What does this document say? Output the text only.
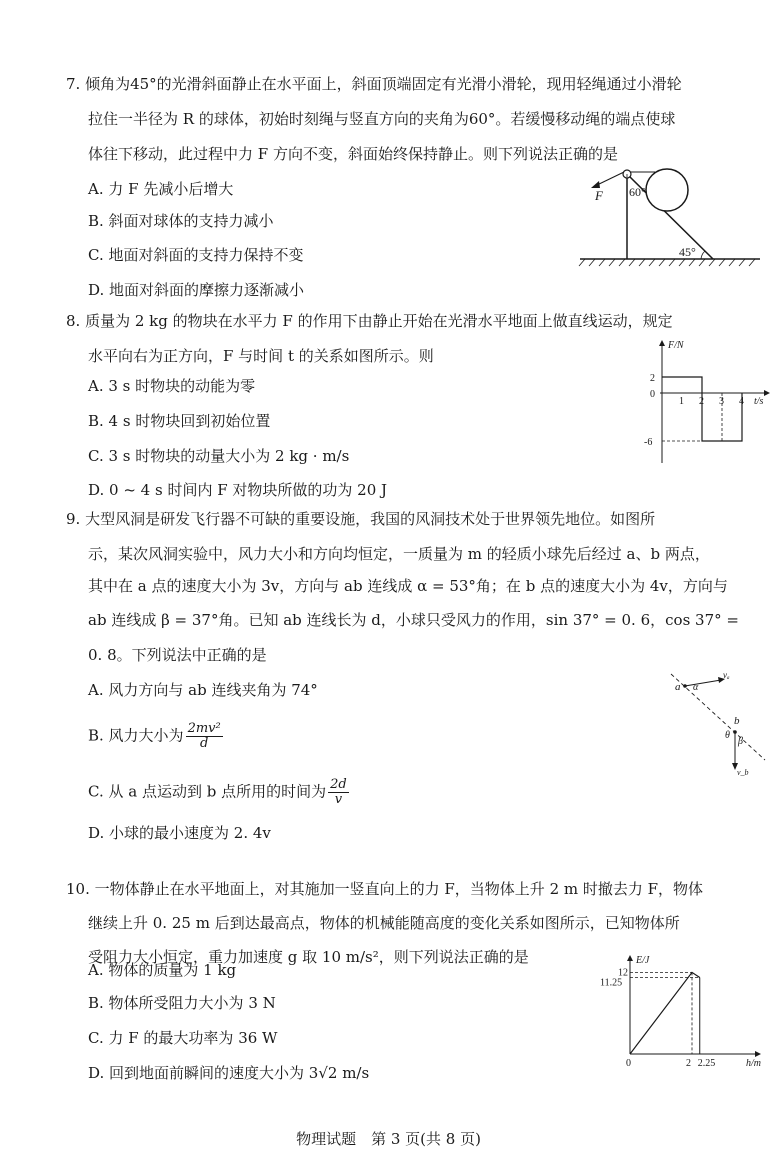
7. 倾角为45°的光滑斜面静止在水平面上，斜面顶端固定有光滑小滑轮，现用轻绳通过小滑轮
拉住一半径为 R 的球体，初始时刻绳与竖直方向的夹角为60°。若缓慢移动绳的端点使球
体往下移动，此过程中力 F 方向不变，斜面始终保持静止。则下列说法正确的是
A. 力 F 先减小后增大
B. 斜面对球体的支持力减小
C. 地面对斜面的支持力保持不变
D. 地面对斜面的摩擦力逐渐减小
F 60°
45°
8. 质量为 2 kg 的物块在水平力 F 的作用下由静止开始在光滑水平地面上做直线运动，规定
水平向右为正方向，F 与时间 t 的关系如图所示。则
A. 3 s 时物块的动能为零
B. 4 s 时物块回到初始位置
C. 3 s 时物块的动量大小为 2 kg · m/s
D. 0 ~ 4 s 时间内 F 对物块所做的功为 20 J
1 2 3 4
2
-6
0
F/N
t/s
9. 大型风洞是研发飞行器不可缺的重要设施，我国的风洞技术处于世界领先地位。如图所
示，某次风洞实验中，风力大小和方向均恒定，一质量为 m 的轻质小球先后经过 a、b 两点，
其中在 a 点的速度大小为 3v，方向与 ab 连线成 α = 53°角；在 b 点的速度大小为 4v，方向与
ab 连线成 β = 37°角。已知 ab 连线长为 d，小球只受风力的作用，sin 37° = 0. 6，cos 37° =
0. 8。下列说法中正确的是
A. 风力方向与 ab 连线夹角为 74°
B. 风力大小为 $\frac{\text{2mv²}}{d}$
C. 从 a 点运动到 b 点所用的时间为 $\frac{2d}{v}$
D. 小球的最小速度为 2. 4v
a α
vₐ
b
θ
β
v_b
10. 一物体静止在水平地面上，对其施加一竖直向上的力 F，当物体上升 2 m 时撤去力 F，物体
继续上升 0. 25 m 后到达最高点，物体的机械能随高度的变化关系如图所示，已知物体所
受阻力大小恒定，重力加速度 g 取 10 m/s²，则下列说法正确的是
A. 物体的质量为 1 kg
B. 物体所受阻力大小为 3 N
C. 力 F 的最大功率为 36 W
D. 回到地面前瞬间的速度大小为 3√2 m/s
12
11.25
0	2 2.25
E/J
h/m
物理试题　第 3 页(共 8 页)
